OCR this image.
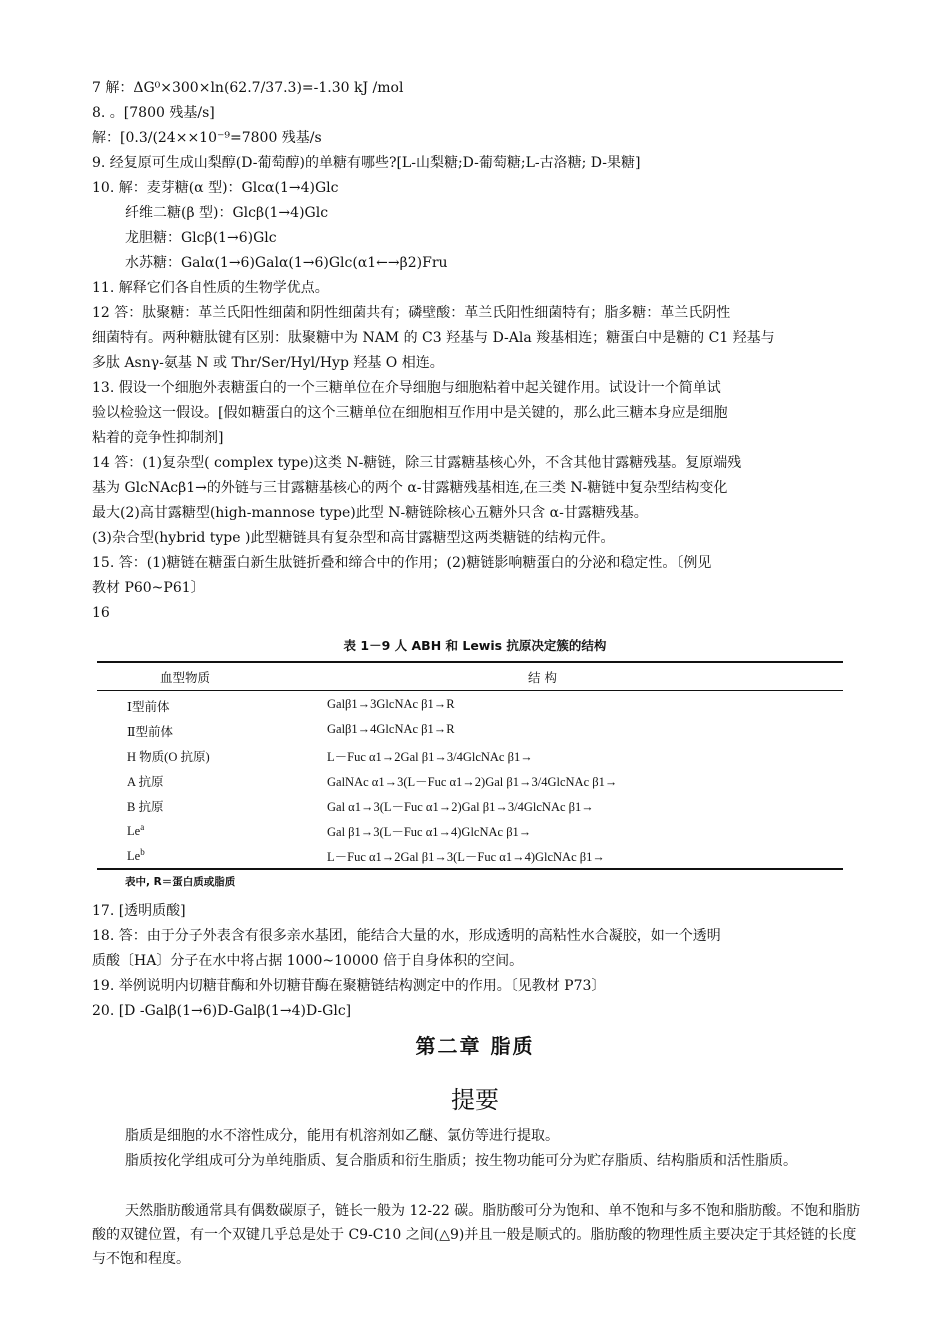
7 解：ΔG⁰×300×ln(62.7/37.3)=-1.30 kJ /mol
8. 。[7800 残基/s]
解：[0.3/(24××10⁻⁹=7800 残基/s
9. 经复原可生成山梨醇(D-葡萄醇)的单糖有哪些?[L-山梨糖;D-葡萄糖;L-古洛糖; D-果糖]
10. 解：麦芽糖(α 型)：Glcα(1→4)Glc
纤维二糖(β 型)：Glcβ(1→4)Glc
龙胆糖：Glcβ(1→6)Glc
水苏糖：Galα(1→6)Galα(1→6)Glc(α1←→β2)Fru
11. 解释它们各自性质的生物学优点。
12 答：肽聚糖：革兰氏阳性细菌和阴性细菌共有；磷壁酸：革兰氏阳性细菌特有；脂多糖：革兰氏阴性
细菌特有。两种糖肽键有区别：肽聚糖中为 NAM 的 C3 羟基与 D-Ala 羧基相连；糖蛋白中是糖的 C1 羟基与
多肽 Asnγ-氨基 N 或 Thr/Ser/Hyl/Hyp 羟基 O 相连。
13. 假设一个细胞外表糖蛋白的一个三糖单位在介导细胞与细胞粘着中起关键作用。试设计一个简单试
验以检验这一假设。[假如糖蛋白的这个三糖单位在细胞相互作用中是关键的，那么此三糖本身应是细胞
粘着的竞争性抑制剂]
14 答：(1)复杂型( complex type)这类 N-糖链，除三甘露糖基核心外，不含其他甘露糖残基。复原端残
基为 GlcNAcβ1→的外链与三甘露糖基核心的两个 α-甘露糖残基相连,在三类 N-糖链中复杂型结构变化
最大(2)高甘露糖型(high-mannose type)此型 N-糖链除核心五糖外只含 α-甘露糖残基。
(3)杂合型(hybrid type )此型糖链具有复杂型和高甘露糖型这两类糖链的结构元件。
15. 答：(1)糖链在糖蛋白新生肽链折叠和缔合中的作用；(2)糖链影响糖蛋白的分泌和稳定性。〔例见
教材 P60~P61〕
16
表 1－9 人 ABH 和 Lewis 抗原决定簇的结构
血型物质	结 构
Ⅰ型前体	Galβ1→3GlcNAc β1→R
Ⅱ型前体	Galβ1→4GlcNAc β1→R
H 物质(O 抗原)	L－Fuc α1→2Gal β1→3/4GlcNAc β1→
A 抗原	GalNAc α1→3(L－Fuc α1→2)Gal β1→3/4GlcNAc β1→
B 抗原	Gal α1→3(L－Fuc α1→2)Gal β1→3/4GlcNAc β1→
$Le^a$	Gal β1→3(L－Fuc α1→4)GlcNAc β1→
$Le^b$	L－Fuc α1→2Gal β1→3(L－Fuc α1→4)GlcNAc β1→
表中, R＝蛋白质或脂质
17. [透明质酸]
18. 答：由于分子外表含有很多亲水基团，能结合大量的水，形成透明的高粘性水合凝胶，如一个透明
质酸〔HA〕分子在水中将占据 1000~10000 倍于自身体积的空间。
19. 举例说明内切糖苷酶和外切糖苷酶在聚糖链结构测定中的作用。〔见教材 P73〕
20. [D -Galβ(1→6)D-Galβ(1→4)D-Glc]
第二章 脂质
提要
脂质是细胞的水不溶性成分，能用有机溶剂如乙醚、氯仿等进行提取。
脂质按化学组成可分为单纯脂质、复合脂质和衍生脂质；按生物功能可分为贮存脂质、结构脂质和活性脂质。
天然脂肪酸通常具有偶数碳原子，链长一般为 12-22 碳。脂肪酸可分为饱和、单不饱和与多不饱和脂肪酸。不饱和脂肪酸的双键位置，有一个双键几乎总是处于 C9-C10 之间(△9)并且一般是顺式的。脂肪酸的物理性质主要决定于其烃链的长度与不饱和程度。
